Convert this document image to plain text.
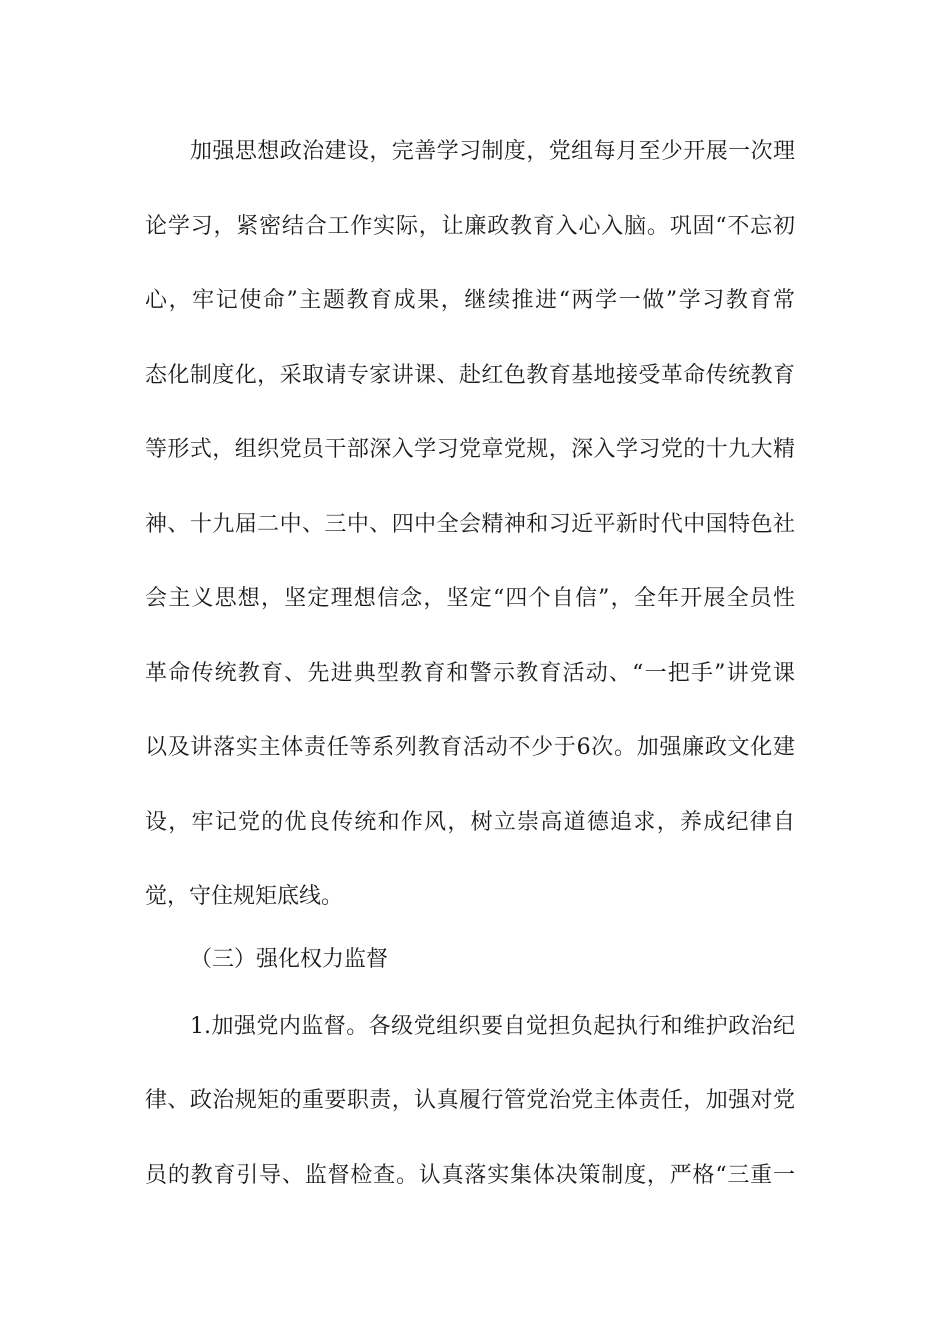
加强思想政治建设，完善学习制度，党组每月至少开展一次理
论学习，紧密结合工作实际，让廉政教育入心入脑。巩固“不忘初
心，牢记使命”主题教育成果，继续推进“两学一做”学习教育常
态化制度化，采取请专家讲课、赴红色教育基地接受革命传统教育
等形式，组织党员干部深入学习党章党规，深入学习党的十九大精
神、十九届二中、三中、四中全会精神和习近平新时代中国特色社
会主义思想，坚定理想信念，坚定“四个自信”，全年开展全员性
革命传统教育、先进典型教育和警示教育活动、“一把手”讲党课
以及讲落实主体责任等系列教育活动不少于6次。加强廉政文化建
设，牢记党的优良传统和作风，树立崇高道德追求，养成纪律自
觉，守住规矩底线。
（三）强化权力监督
1.加强党内监督。各级党组织要自觉担负起执行和维护政治纪
律、政治规矩的重要职责，认真履行管党治党主体责任，加强对党
员的教育引导、监督检查。认真落实集体决策制度，严格“三重一
